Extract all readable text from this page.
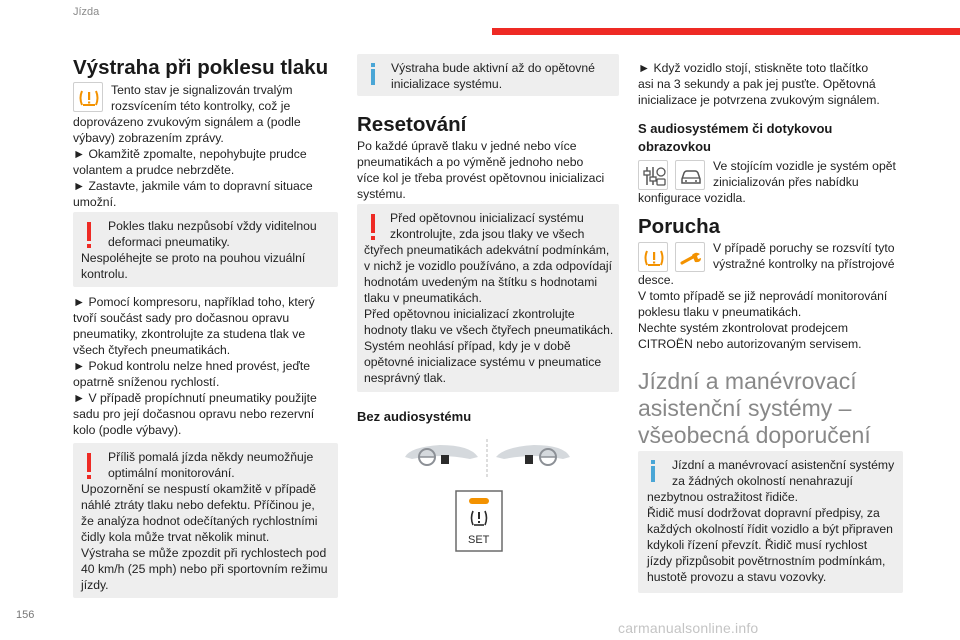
Jízda
Výstraha při poklesu tlaku

Tento stav je signalizován trvalým

rozsvícením této kontrolky, což je

doprovázeno zvukovým signálem a (podle

výbavy) zobrazením zprávy.

► Okamžitě zpomalte, nepohybujte prudce

volantem a prudce nebrzděte.

► Zastavte, jakmile vám to dopravní situace

umožní.

Pokles tlaku nezpůsobí vždy viditelnou

deformaci pneumatiky.

Nespoléhejte se proto na pouhou vizuální

kontrolu.

► Pomocí kompresoru, například toho, který

tvoří součást sady pro dočasnou opravu

pneumatiky, zkontrolujte za studena tlak ve

všech čtyřech pneumatikách.

► Pokud kontrolu nelze hned provést, jeďte

opatrně sníženou rychlostí.

► V případě propíchnutí pneumatiky použijte

sadu pro její dočasnou opravu nebo rezervní

kolo (podle výbavy).

Příliš pomalá jízda někdy neumožňuje

optimální monitorování.

Upozornění se nespustí okamžitě v případě

náhlé ztráty tlaku nebo defektu. Příčinou je,

že analýza hodnot odečítaných rychlostními

čidly kola může trvat několik minut.

Výstraha se může zpozdit při rychlostech pod

40 km/h (25 mph) nebo při sportovním režimu

jízdy.

Výstraha bude aktivní až do opětovné

inicializace systému.

Resetování

Po každé úpravě tlaku v jedné nebo více

pneumatikách a po výměně jednoho nebo

více kol je třeba provést opětovnou inicializaci

systému.

Před opětovnou inicializací systému

zkontrolujte, zda jsou tlaky ve všech

čtyřech pneumatikách adekvátní podmínkám,

v nichž je vozidlo používáno, a zda odpovídají

hodnotám uvedeným na štítku s hodnotami

tlaku v pneumatikách.

Před opětovnou inicializací zkontrolujte

hodnoty tlaku ve všech čtyřech pneumatikách.

Systém neohlásí případ, kdy je v době

opětovné inicializace systému v pneumatice

nesprávný tlak.

Bez audiosystému
SET

► Když vozidlo stojí, stiskněte toto tlačítko

asi na 3 sekundy a pak jej pusťte. Opětovná

inicializace je potvrzena zvukovým signálem.

S audiosystémem či dotykovou

obrazovkou

Ve stojícím vozidle je systém opět

zinicializován přes nabídku

konfigurace vozidla.

Porucha

V případě poruchy se rozsvítí tyto

výstražné kontrolky na přístrojové

desce.

V tomto případě se již neprovádí monitorování

poklesu tlaku v pneumatikách.

Nechte systém zkontrolovat prodejcem

CITROËN nebo autorizovaným servisem.

Jízdní a manévrovací

asistenční systémy –

všeobecná doporučení

Jízdní a manévrovací asistenční systémy

za žádných okolností nenahrazují

nezbytnou ostražitost řidiče.

Řidič musí dodržovat dopravní předpisy, za

každých okolností řídit vozidlo a být připraven

kdykoli řízení převzít. Řidič musí rychlost

jízdy přizpůsobit povětrnostním podmínkám,

hustotě provozu a stavu vozovky.

156
carmanualsonline.info
